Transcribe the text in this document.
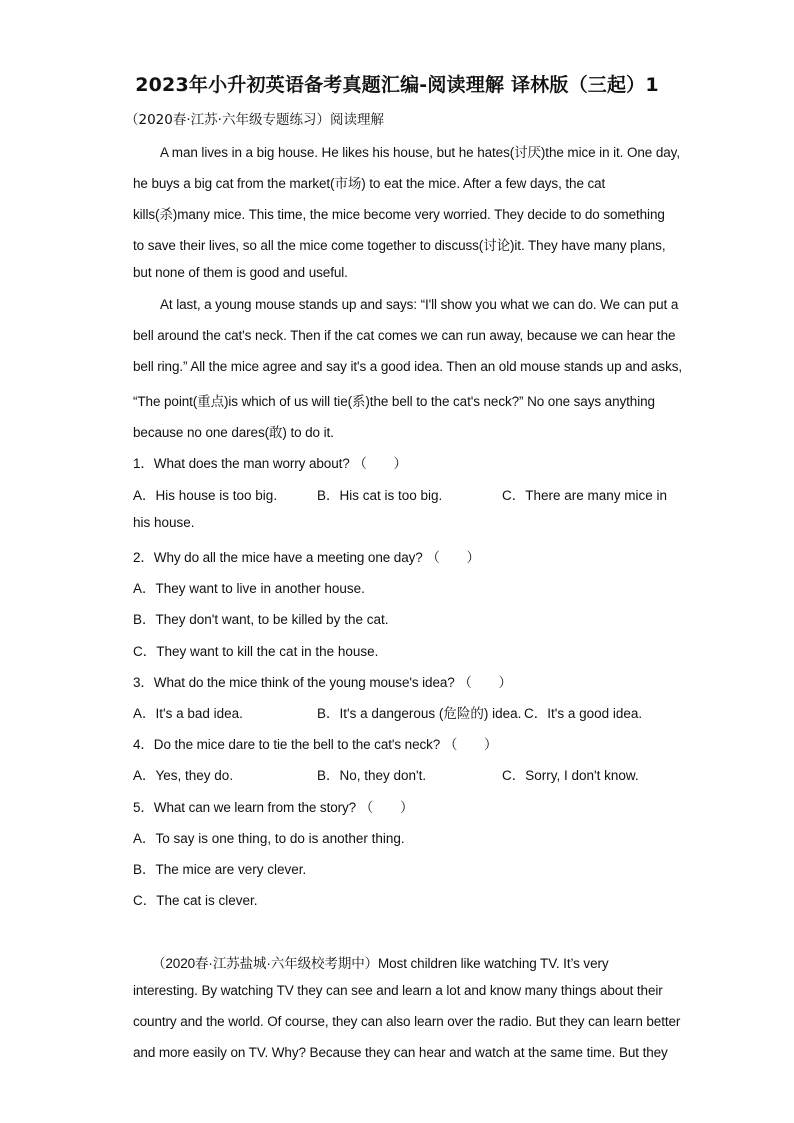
2023年小升初英语备考真题汇编-阅读理解 译林版（三起）1
（2020春·江苏·六年级专题练习）阅读理解
A man lives in a big house. He likes his house, but he hates(讨厌)the mice in it. One day,
he buys a big cat from the market(市场) to eat the mice. After a few days, the cat
kills(杀)many mice. This time, the mice become very worried. They decide to do something
to save their lives, so all the mice come together to discuss(讨论)it. They have many plans,
but none of them is good and useful.
At last, a young mouse stands up and says: “I'll show you what we can do. We can put a
bell around the cat's neck. Then if the cat comes we can run away, because we can hear the
bell ring.” All the mice agree and say it's a good idea. Then an old mouse stands up and asks,
“The point(重点)is which of us will tie(系)the bell to the cat's neck?” No one says anything
because no one dares(敢) to do it.
1．What does the man worry about? （　　）
A．His house is too big.	B．His cat is too big.	C．There are many mice in
his house.
2．Why do all the mice have a meeting one day? （　　）
A．They want to live in another house.
B．They don't want, to be killed by the cat.
C．They want to kill the cat in the house.
3．What do the mice think of the young mouse's idea? （　　）
A．It's a bad idea.	B．It's a dangerous (危险的) idea. C．It's a good idea.
4．Do the mice dare to tie the bell to the cat's neck? （　　）
A．Yes, they do.	B．No, they don't.	C．Sorry, I don't know.
5．What can we learn from the story? （　　）
A．To say is one thing, to do is another thing.
B．The mice are very clever.
C．The cat is clever.
（2020春·江苏盐城·六年级校考期中）Most children like watching TV. It’s very
interesting. By watching TV they can see and learn a lot and know many things about their
country and the world. Of course, they can also learn over the radio. But they can learn better
and more easily on TV. Why? Because they can hear and watch at the same time. But they
